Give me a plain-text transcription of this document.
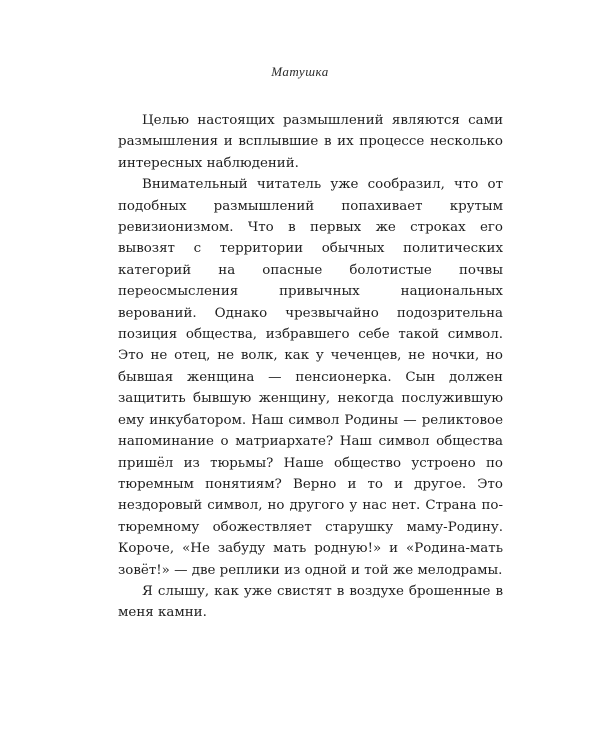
Матушка

Целью настоящих размышлений являются сами размышления и всплывшие в их процессе несколько интересных наблюдений.

Внимательный читатель уже сообразил, что от подобных размышлений попахивает крутым ревизионизмом. Что в первых же строках его вывозят с территории обычных политических категорий на опасные болотистые почвы переосмысления привычных национальных верований. Однако чрезвычайно подозрительна позиция общества, избравшего себе такой символ. Это не отец, не волк, как у чеченцев, не ночки, но бывшая женщина — пенсионерка. Сын должен защитить бывшую женщину, некогда послужившую ему инкубатором. Наш символ Родины — реликтовое напоминание о матриархате? Наш символ общества пришёл из тюрьмы? Наше общество устроено по тюремным понятиям? Верно и то и другое. Это нездоровый символ, но другого у нас нет. Страна по-тюремному обожествляет старушку маму-Родину. Короче, «Не забуду мать родную!» и «Родина-мать зовёт!» — две реплики из одной и той же мелодрамы.

Я слышу, как уже свистят в воздухе брошенные в меня камни.
